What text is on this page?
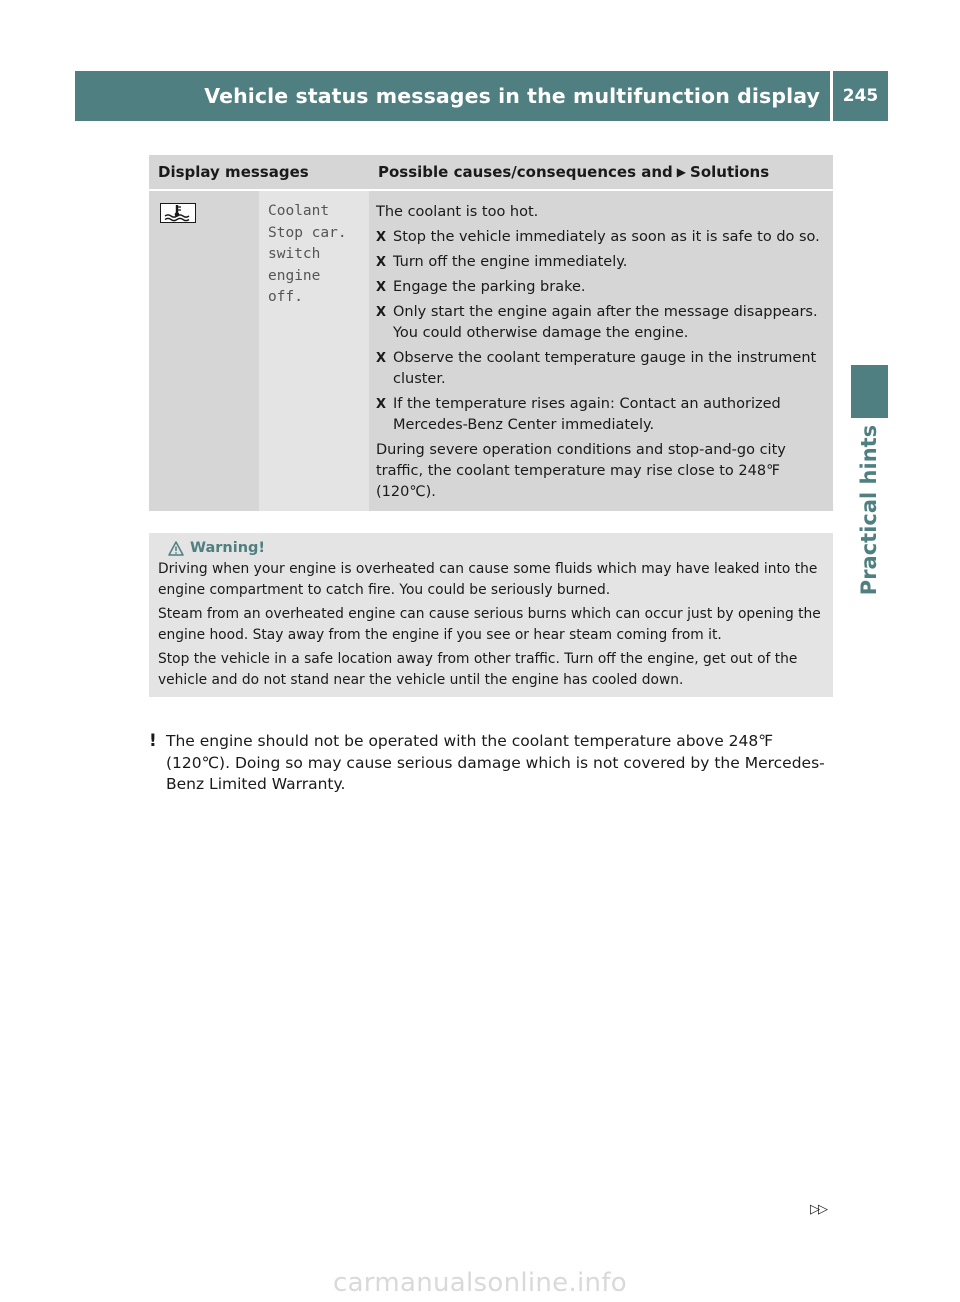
Vehicle status messages in the multifunction display	245
Practical hints
Display messages	Possible causes/consequences and ▶ Solutions
Coolant
Stop car.
switch
engine
off.

The coolant is too hot.

X Stop the vehicle immediately as soon as it is safe to do so.
X Turn off the engine immediately.
X Engage the parking brake.
X Only start the engine again after the message disappears. You could otherwise damage the engine.
X Observe the coolant temperature gauge in the instrument cluster.
X If the temperature rises again: Contact an authorized Mercedes-Benz Center immediately.

During severe operation conditions and stop-and-go city traffic, the coolant temperature may rise close to 248℉ (120℃).

Warning!

Driving when your engine is overheated can cause some fluids which may have leaked into the engine compartment to catch fire. You could be seriously burned.

Steam from an overheated engine can cause serious burns which can occur just by opening the engine hood. Stay away from the engine if you see or hear steam coming from it.

Stop the vehicle in a safe location away from other traffic. Turn off the engine, get out of the vehicle and do not stand near the vehicle until the engine has cooled down.

! The engine should not be operated with the coolant temperature above 248℉ (120℃). Doing so may cause serious damage which is not covered by the Mercedes-Benz Limited Warranty.
▷▷
carmanualsonline.info
